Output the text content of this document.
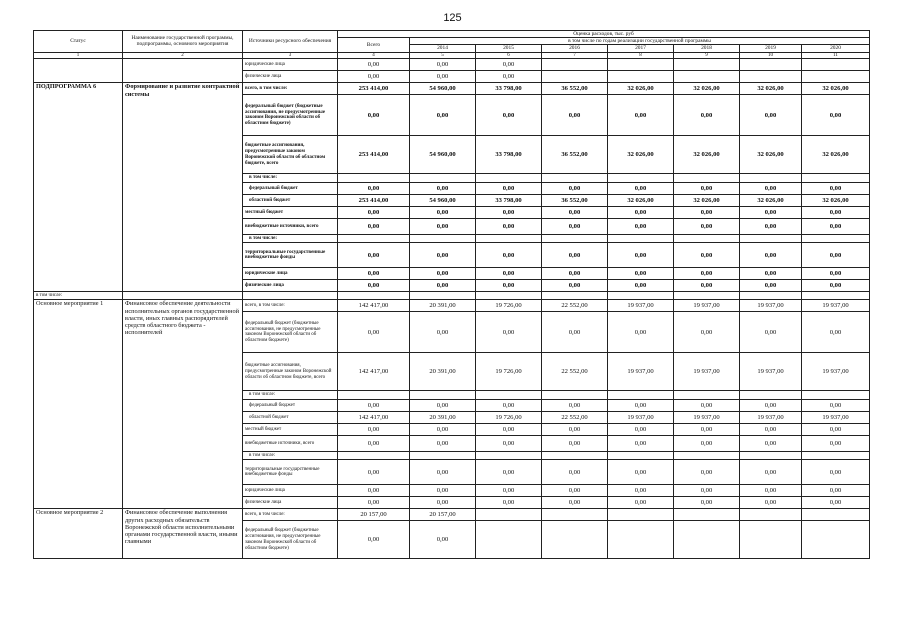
125
Статус	Наименование государственной программы, подпрограммы, основного мероприятия	Источники ресурсного обеспечения	Оценка расходов, тыс. руб							
			Всего	в том числе по годам реализации государственной программы						
				2014	2015	2016	2017	2018	2019	2020
1	2	3	4	5	6	7	8	9	10	11
		юридические лица	0,00	0,00	0,00					
		физические лица	0,00	0,00	0,00					
ПОДПРОГРАММА 6	Формирование и развитие контрактной системы	всего, в том числе:	253 414,00	54 960,00	33 798,00	36 552,00	32 026,00	32 026,00	32 026,00	32 026,00
		федеральный бюджет (бюджетные ассигнования, не предусмотренные законом Воронежской области об областном бюджете)	0,00	0,00	0,00	0,00	0,00	0,00	0,00	0,00
		бюджетные ассигнования, предусмотренные законом Воронежской области об областном бюджете, всего	253 414,00	54 960,00	33 798,00	36 552,00	32 026,00	32 026,00	32 026,00	32 026,00
		в том числе:								
		федеральный бюджет	0,00	0,00	0,00	0,00	0,00	0,00	0,00	0,00
		областной бюджет	253 414,00	54 960,00	33 798,00	36 552,00	32 026,00	32 026,00	32 026,00	32 026,00
		местный бюджет	0,00	0,00	0,00	0,00	0,00	0,00	0,00	0,00
		внебюджетные источники, всего	0,00	0,00	0,00	0,00	0,00	0,00	0,00	0,00
		в том числе:								
		территориальные государственные внебюджетные фонды	0,00	0,00	0,00	0,00	0,00	0,00	0,00	0,00
		юридические лица	0,00	0,00	0,00	0,00	0,00	0,00	0,00	0,00
		физические лица	0,00	0,00	0,00	0,00	0,00	0,00	0,00	0,00
в том числе:										
Основное мероприятие 1	Финансовое обеспечение деятельности исполнительных органов государственной власти, иных главных распорядителей средств областного бюджета - исполнителей	всего, в том числе:	142 417,00	20 391,00	19 726,00	22 552,00	19 937,00	19 937,00	19 937,00	19 937,00
		федеральный бюджет (бюджетные ассигнования, не предусмотренные законом Воронежской области об областном бюджете)	0,00	0,00	0,00	0,00	0,00	0,00	0,00	0,00
		бюджетные ассигнования, предусмотренные законом Воронежской области об областном бюджете, всего	142 417,00	20 391,00	19 726,00	22 552,00	19 937,00	19 937,00	19 937,00	19 937,00
		в том числе:								
		федеральный бюджет	0,00	0,00	0,00	0,00	0,00	0,00	0,00	0,00
		областной бюджет	142 417,00	20 391,00	19 726,00	22 552,00	19 937,00	19 937,00	19 937,00	19 937,00
		местный бюджет	0,00	0,00	0,00	0,00	0,00	0,00	0,00	0,00
		внебюджетные источники, всего	0,00	0,00	0,00	0,00	0,00	0,00	0,00	0,00
		в том числе:								
		территориальные государственные внебюджетные фонды	0,00	0,00	0,00	0,00	0,00	0,00	0,00	0,00
		юридические лица	0,00	0,00	0,00	0,00	0,00	0,00	0,00	0,00
		физические лица	0,00	0,00	0,00	0,00	0,00	0,00	0,00	0,00
Основное мероприятие 2	Финансовое обеспечение выполнения других расходных обязательств Воронежской области исполнительными органами государственной власти, иными главными	всего, в том числе:	20 157,00	20 157,00						
		федеральный бюджет (бюджетные ассигнования, не предусмотренные законом Воронежской области об областном бюджете)	0,00	0,00						
